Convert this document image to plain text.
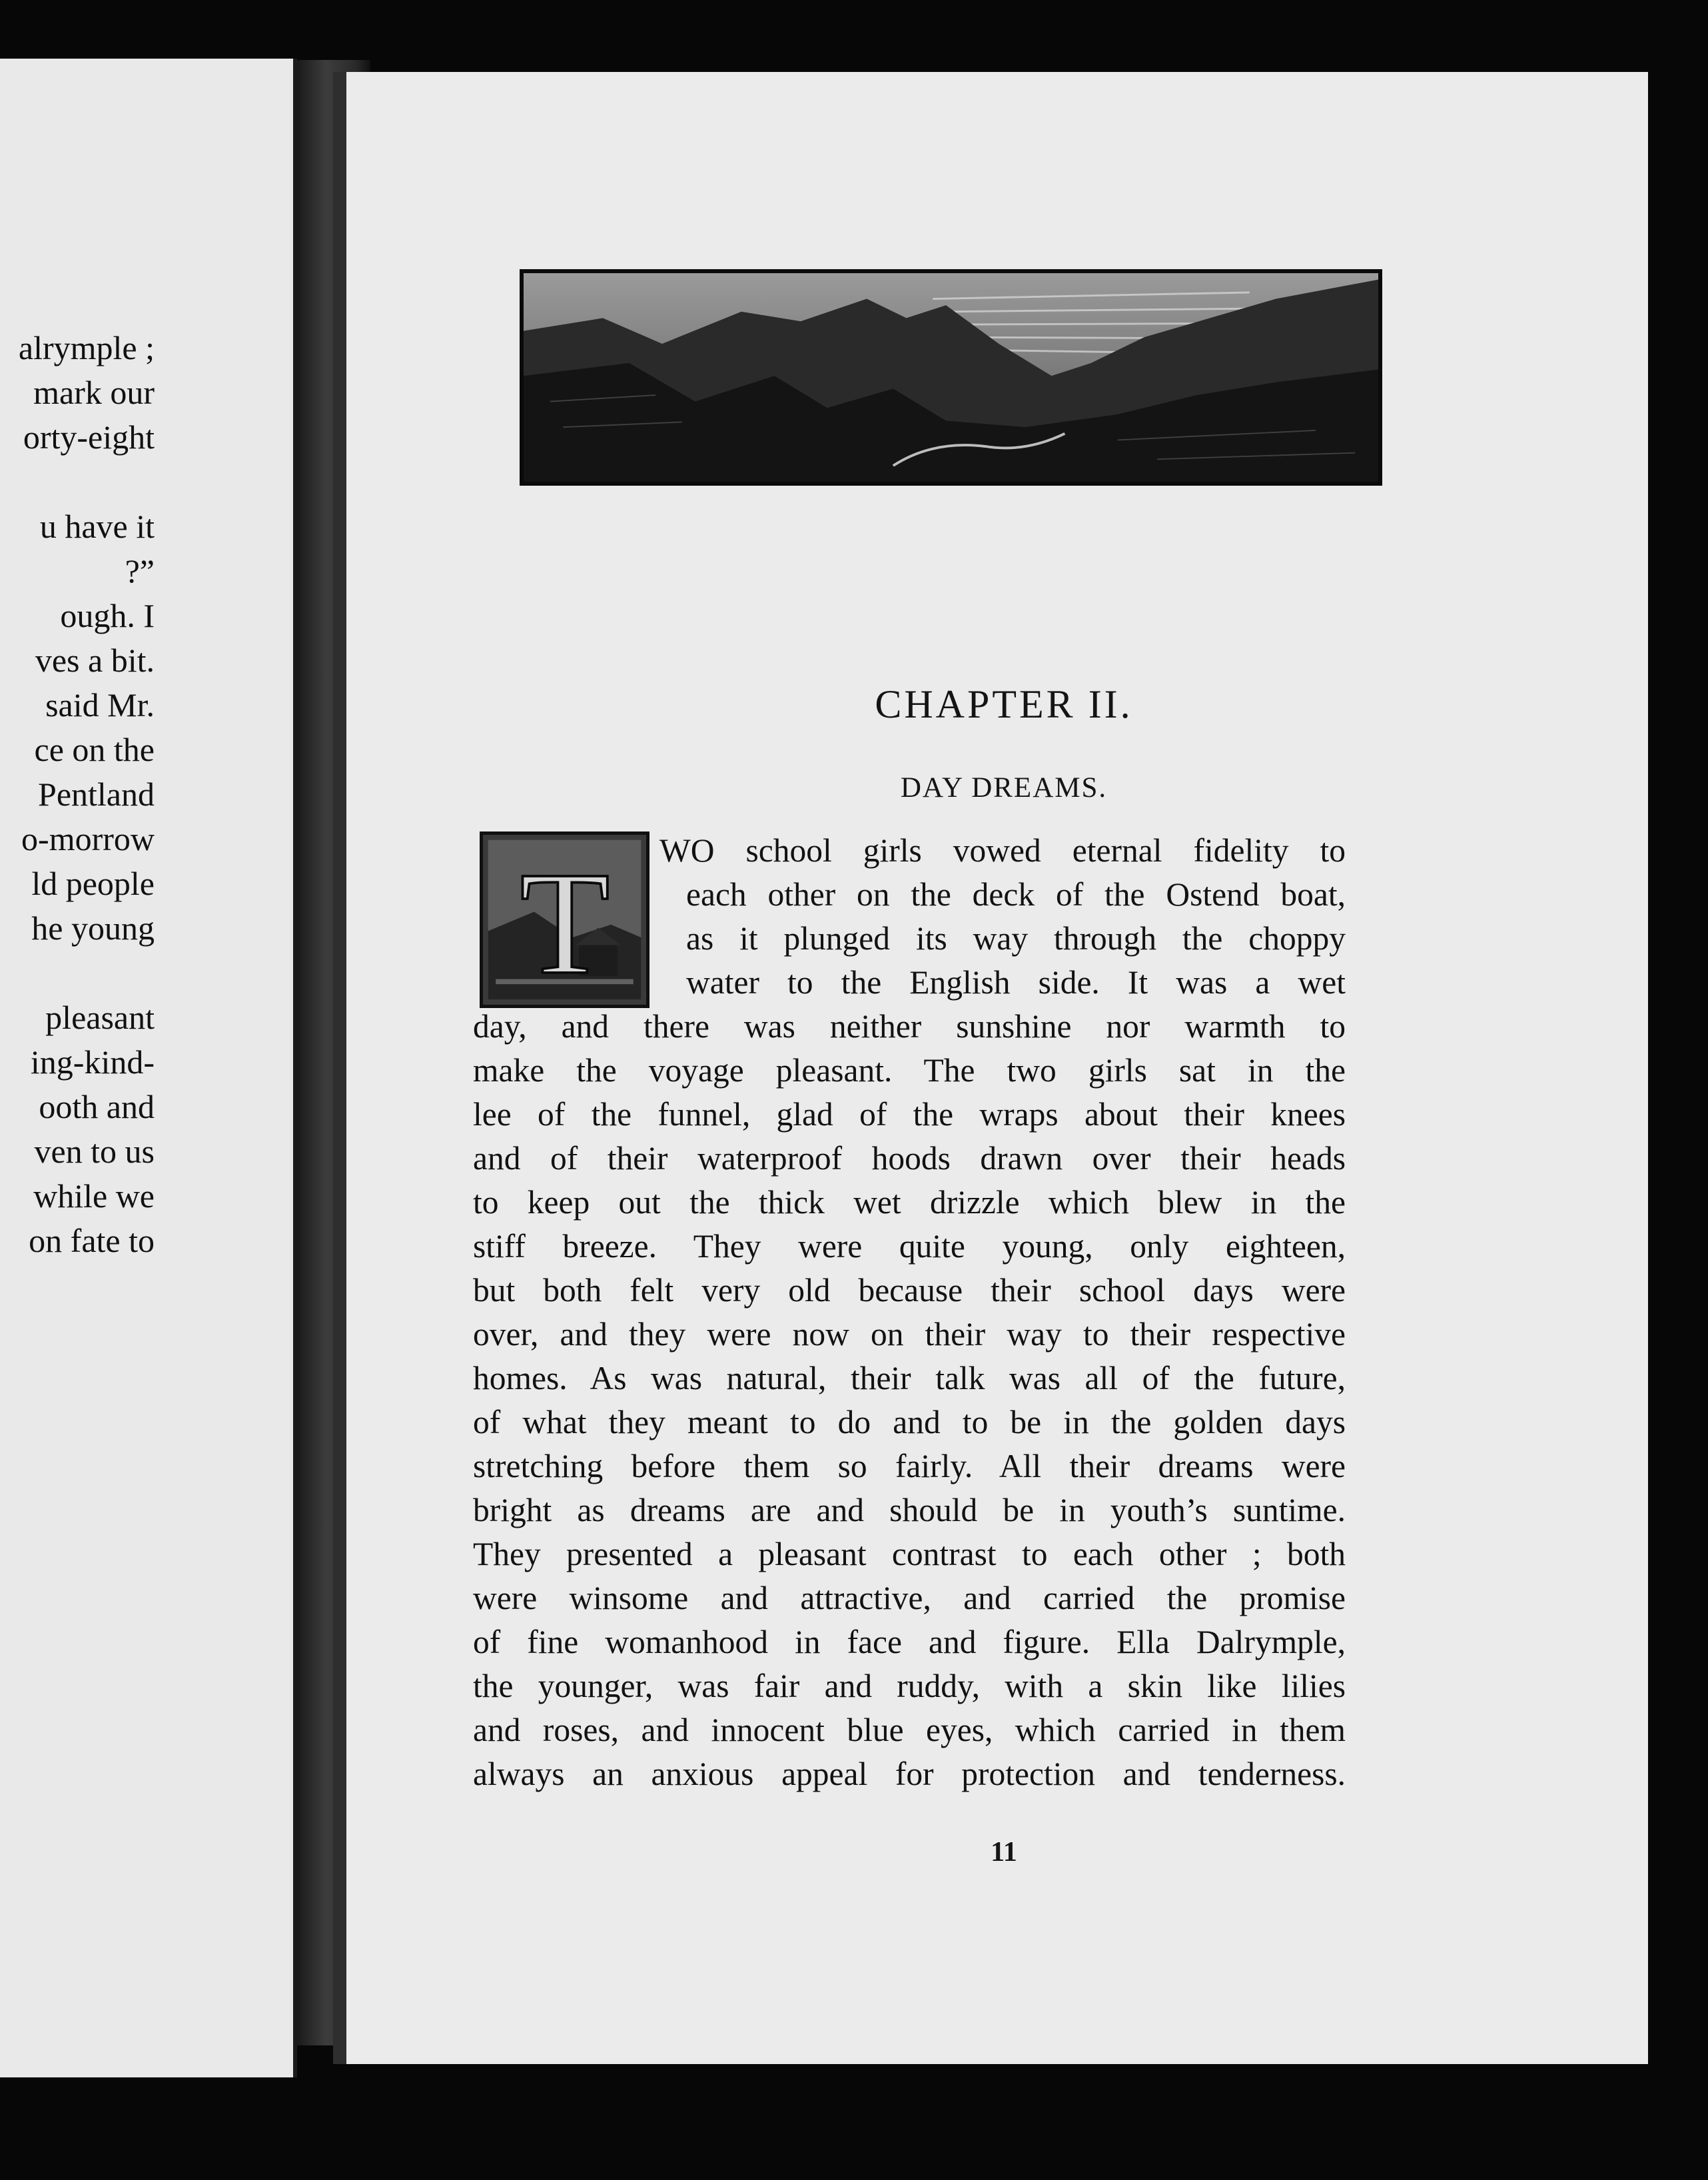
alrymple ;
mark our
orty-eight
u have it
?”
ough. I
ves a bit.
said Mr.
ce on the
Pentland
o-morrow
ld people
he young
pleasant
ing-kind-
ooth and
ven to us
while we
on fate to
CHAPTER II.
DAY DREAMS.
T WO school girls vowed eternal fidelity to
each other on the deck of the Ostend boat,
as it plunged its way through the choppy
water to the English side. It was a wet
day, and there was neither sunshine nor warmth to
make the voyage pleasant. The two girls sat in the
lee of the funnel, glad of the wraps about their knees
and of their waterproof hoods drawn over their heads
to keep out the thick wet drizzle which blew in the
stiff breeze. They were quite young, only eighteen,
but both felt very old because their school days were
over, and they were now on their way to their respective
homes. As was natural, their talk was all of the future,
of what they meant to do and to be in the golden days
stretching before them so fairly. All their dreams were
bright as dreams are and should be in youth’s suntime.
They presented a pleasant contrast to each other ; both
were winsome and attractive, and carried the promise
of fine womanhood in face and figure. Ella Dalrymple,
the younger, was fair and ruddy, with a skin like lilies
and roses, and innocent blue eyes, which carried in them
always an anxious appeal for protection and tenderness.
11
